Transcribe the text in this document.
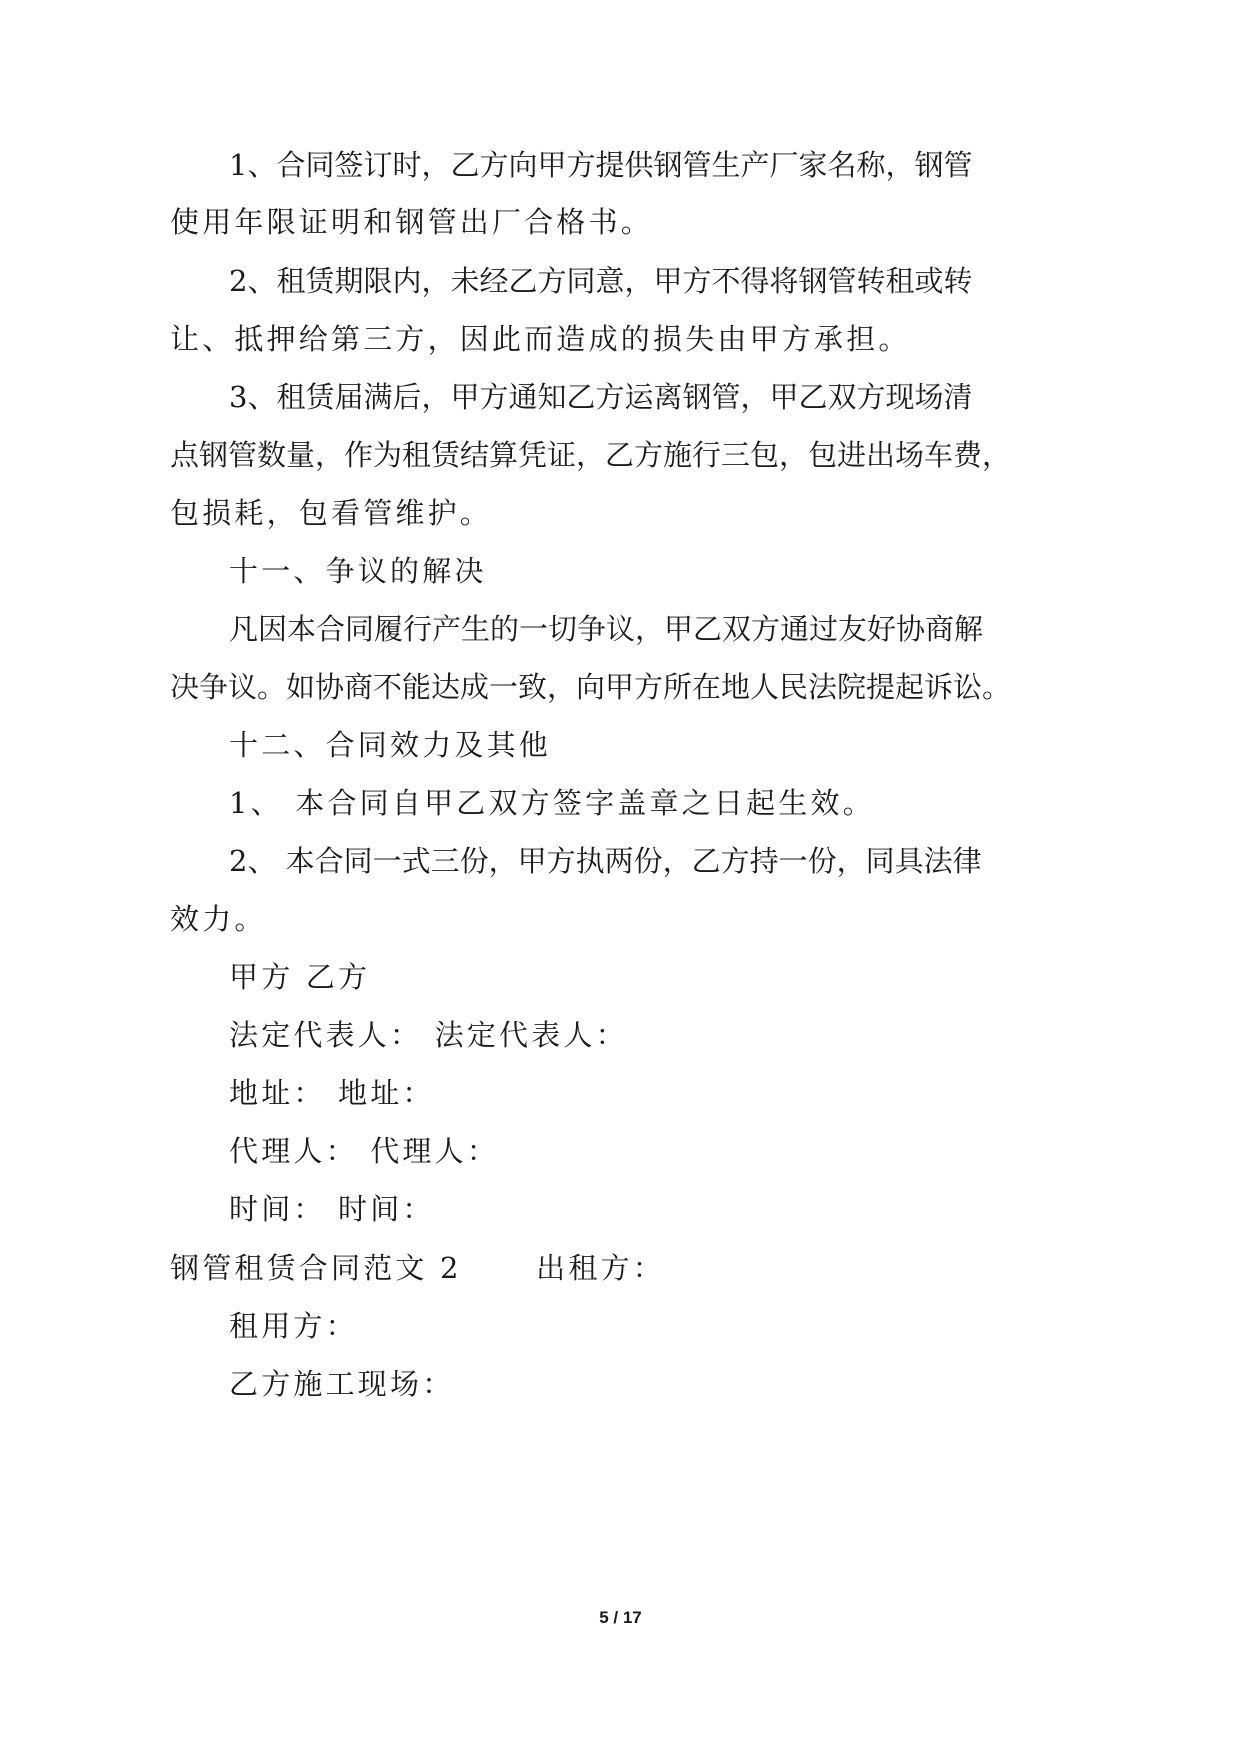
1、合同签订时，乙方向甲方提供钢管生产厂家名称，钢管
使用年限证明和钢管出厂合格书。
2、租赁期限内，未经乙方同意，甲方不得将钢管转租或转
让、抵押给第三方，因此而造成的损失由甲方承担。
3、租赁届满后，甲方通知乙方运离钢管，甲乙双方现场清
点钢管数量，作为租赁结算凭证，乙方施行三包，包进出场车费，
包损耗，包看管维护。
十一、争议的解决
凡因本合同履行产生的一切争议，甲乙双方通过友好协商解
决争议。如协商不能达成一致，向甲方所在地人民法院提起诉讼。
十二、合同效力及其他
1、 本合同自甲乙双方签字盖章之日起生效。
2、 本合同一式三份，甲方执两份，乙方持一份，同具法律
效力。
甲方 乙方
法定代表人： 法定代表人：
地址： 地址：
代理人： 代理人：
时间： 时间：
钢管租赁合同范文 2      出租方：
租用方：
乙方施工现场：
5 / 17
